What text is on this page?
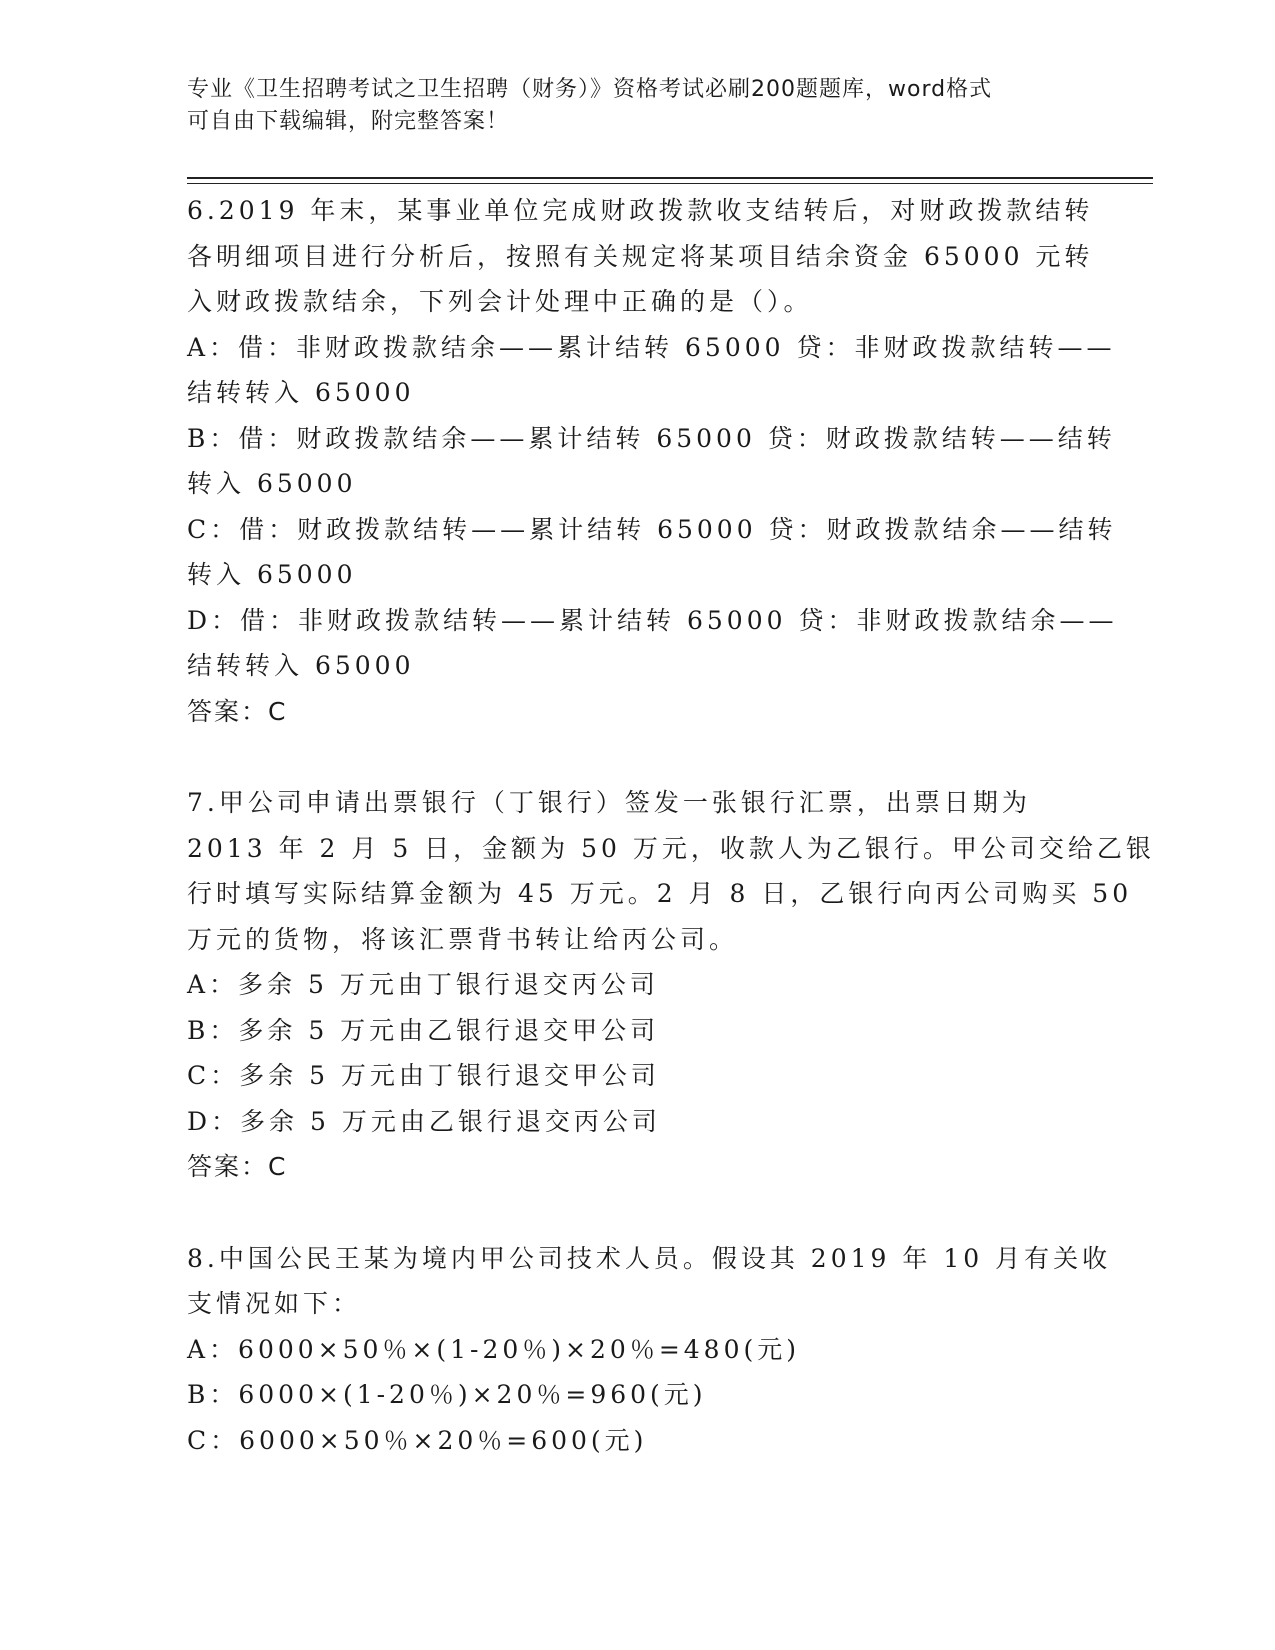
专业《卫生招聘考试之卫生招聘（财务）》资格考试必刷200题题库，word格式
可自由下载编辑，附完整答案！
6.2019 年末，某事业单位完成财政拨款收支结转后，对财政拨款结转
各明细项目进行分析后，按照有关规定将某项目结余资金 65000 元转
入财政拨款结余，下列会计处理中正确的是（）。
A：借：非财政拨款结余——累计结转 65000 贷：非财政拨款结转——
结转转入 65000
B：借：财政拨款结余——累计结转 65000 贷：财政拨款结转——结转
转入 65000
C：借：财政拨款结转——累计结转 65000 贷：财政拨款结余——结转
转入 65000
D：借：非财政拨款结转——累计结转 65000 贷：非财政拨款结余——
结转转入 65000
答案：C
7.甲公司申请出票银行（丁银行）签发一张银行汇票，出票日期为
2013 年 2 月 5 日，金额为 50 万元，收款人为乙银行。甲公司交给乙银
行时填写实际结算金额为 45 万元。2 月 8 日，乙银行向丙公司购买 50
万元的货物，将该汇票背书转让给丙公司。
A：多余 5 万元由丁银行退交丙公司
B：多余 5 万元由乙银行退交甲公司
C：多余 5 万元由丁银行退交甲公司
D：多余 5 万元由乙银行退交丙公司
答案：C
8.中国公民王某为境内甲公司技术人员。假设其 2019 年 10 月有关收
支情况如下：
A：6000×50％×(1-20％)×20％=480(元)
B：6000×(1-20％)×20％=960(元)
C：6000×50％×20％=600(元)
